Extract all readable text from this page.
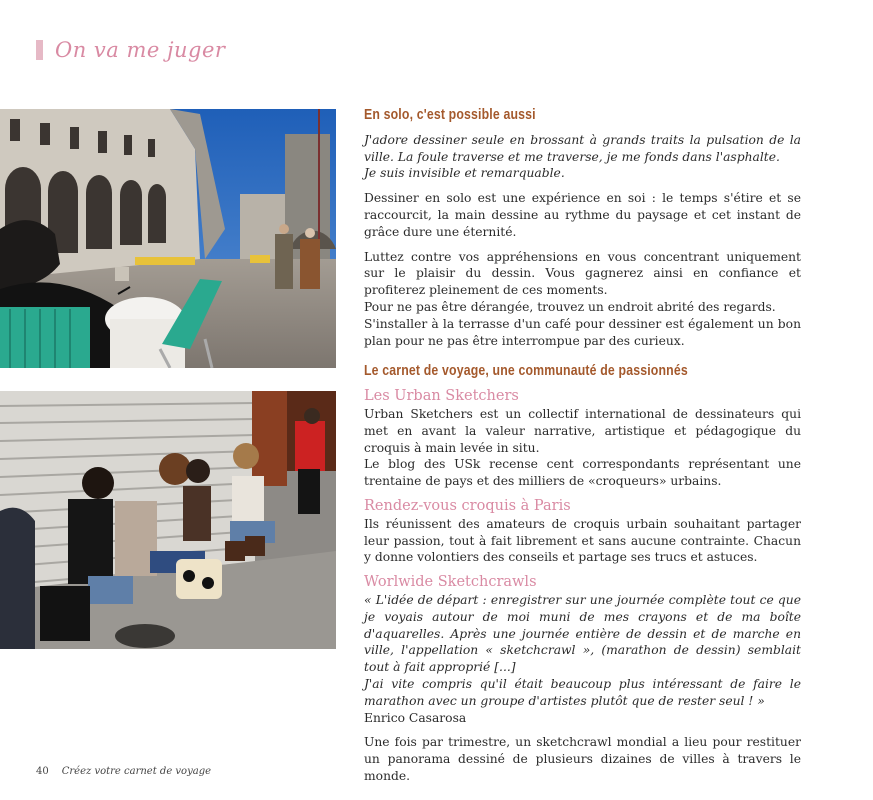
On va me juger
En solo, c'est possible aussi

J'adore dessiner seule en brossant à grands traits la pulsation de la ville. La foule traverse et me traverse, je me fonds dans l'asphalte.

Je suis invisible et remarquable.

Dessiner en solo est une expérience en soi : le temps s'étire et se raccourcit, la main dessine au rythme du paysage et cet instant de grâce dure une éternité.

Luttez contre vos appréhensions en vous concentrant uniquement sur le plaisir du dessin. Vous gagnerez ainsi en confiance et profiterez pleinement de ces moments.

Pour ne pas être dérangée, trouvez un endroit abrité des regards.

S'installer à la terrasse d'un café pour dessiner est également un bon plan pour ne pas être interrompue par des curieux.

Le carnet de voyage, une communauté de passionnés
Les Urban Sketchers

Urban Sketchers est un collectif international de dessinateurs qui met en avant la valeur narrative, artistique et pédagogique du croquis à main levée in situ.

Le blog des USk recense cent correspondants représentant une trentaine de pays et des milliers de «croqueurs» urbains.

Rendez-vous croquis à Paris

Ils réunissent des amateurs de croquis urbain souhaitant partager leur passion, tout à fait librement et sans aucune contrainte. Chacun y donne volontiers des conseils et partage ses trucs et astuces.

Worlwide Sketchcrawls

« L'idée de départ : enregistrer sur une journée complète tout ce que je voyais autour de moi muni de mes crayons et de ma boîte d'aquarelles. Après une journée entière de dessin et de marche en ville, l'appellation « sketchcrawl », (marathon de dessin) semblait tout à fait approprié [...]

J'ai vite compris qu'il était beaucoup plus intéressant de faire le marathon avec un groupe d'artistes plutôt que de rester seul ! »

Enrico Casarosa

Une fois par trimestre, un sketchcrawl mondial a lieu pour restituer un panorama dessiné de plusieurs dizaines de villes à travers le monde.

40 Créez votre carnet de voyage
